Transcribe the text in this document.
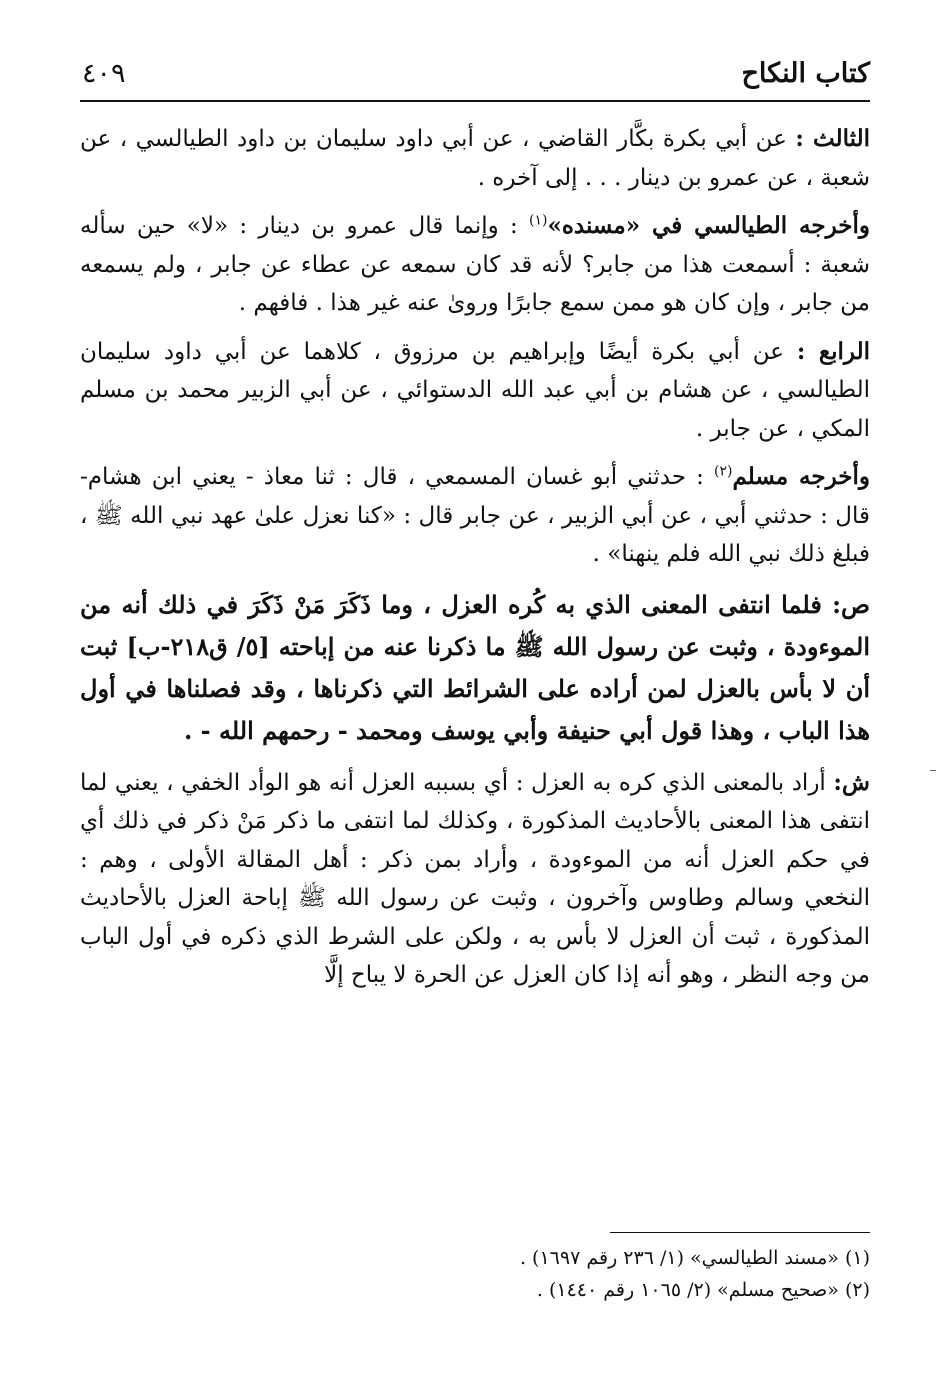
كتاب النكاح
٤٠٩

الثالث : عن أبي بكرة بكَّار القاضي ، عن أبي داود سليمان بن داود الطيالسي ، عن شعبة ، عن عمرو بن دينار . . . إلى آخره .

وأخرجه الطيالسي في «مسنده»$^{(١)}$ : وإنما قال عمرو بن دينار : «لا» حين سأله شعبة : أسمعت هذا من جابر؟ لأنه قد كان سمعه عن عطاء عن جابر ، ولم يسمعه من جابر ، وإن كان هو ممن سمع جابرًا وروىٰ عنه غير هذا . فافهم .

الرابع : عن أبي بكرة أيضًا وإبراهيم بن مرزوق ، كلاهما عن أبي داود سليمان الطيالسي ، عن هشام بن أبي عبد الله الدستوائي ، عن أبي الزبير محمد بن مسلم المكي ، عن جابر .

وأخرجه مسلم$^{(٢)}$ : حدثني أبو غسان المسمعي ، قال : ثنا معاذ - يعني ابن هشام- قال : حدثني أبي ، عن أبي الزبير ، عن جابر قال : «كنا نعزل علىٰ عهد نبي الله ﷺ ، فبلغ ذلك نبي الله فلم ينهنا» .

ص: فلما انتفى المعنى الذي به كُره العزل ، وما ذَكَرَ مَنْ ذَكَرَ في ذلك أنه من الموءودة ، وثبت عن رسول الله ﷺ ما ذكرنا عنه من إباحته [٥/ ق٢١٨-ب] ثبت أن لا بأس بالعزل لمن أراده على الشرائط التي ذكرناها ، وقد فصلناها في أول هذا الباب ، وهذا قول أبي حنيفة وأبي يوسف ومحمد - رحمهم الله - .

ش: أراد بالمعنى الذي كره به العزل : أي بسببه العزل أنه هو الوأد الخفي ، يعني لما انتفى هذا المعنى بالأحاديث المذكورة ، وكذلك لما انتفى ما ذكر مَنْ ذكر في ذلك أي في حكم العزل أنه من الموءودة ، وأراد بمن ذكر : أهل المقالة الأولى ، وهم : النخعي وسالم وطاوس وآخرون ، وثبت عن رسول الله ﷺ إباحة العزل بالأحاديث المذكورة ، ثبت أن العزل لا بأس به ، ولكن على الشرط الذي ذكره في أول الباب من وجه النظر ، وهو أنه إذا كان العزل عن الحرة لا يباح إلَّا

(١) «مسند الطيالسي» (١/ ٢٣٦ رقم ١٦٩٧) .
(٢) «صحيح مسلم» (٢/ ١٠٦٥ رقم ١٤٤٠) .
